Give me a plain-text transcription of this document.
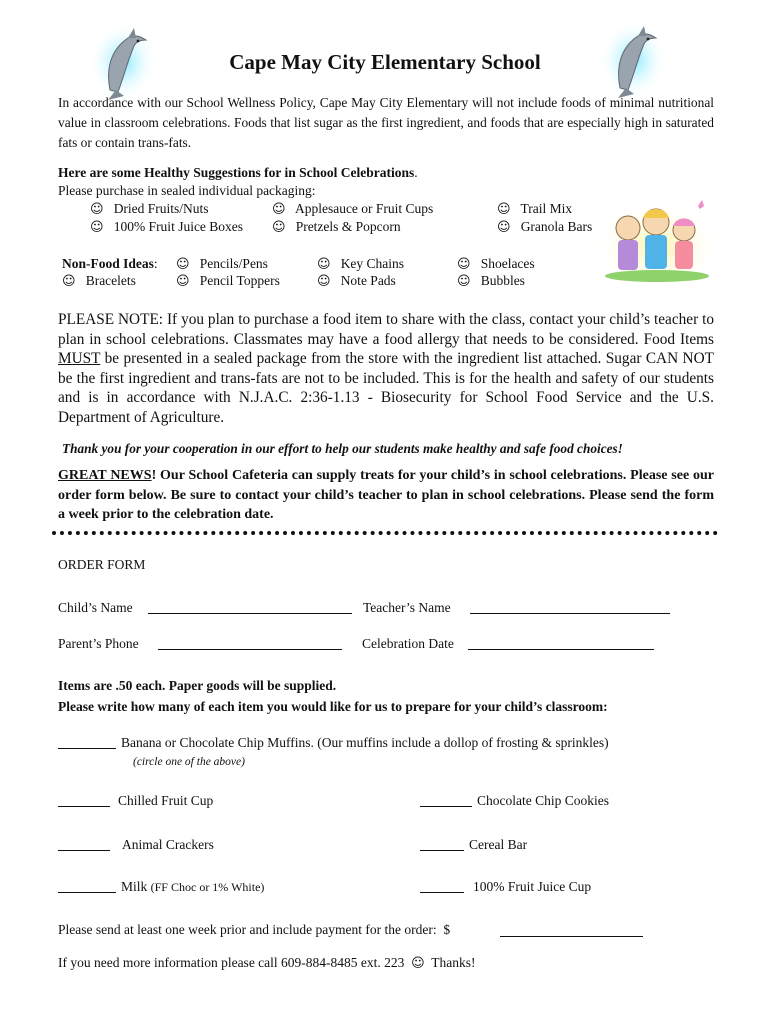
Cape May City Elementary School
In accordance with our School Wellness Policy, Cape May City Elementary will not include foods of minimal nutritional value in classroom celebrations. Foods that list sugar as the first ingredient, and foods that are especially high in saturated fats or contain trans-fats.
Here are some Healthy Suggestions for in School Celebrations.
Please purchase in sealed individual packaging:
☺ Dried Fruits/Nuts	☺ Applesauce or Fruit Cups	☺ Trail Mix
☺ 100% Fruit Juice Boxes ☺ Pretzels & Popcorn	☺ Granola Bars
Non-Food Ideas: ☺ Pencils/Pens	☺ Key Chains	☺ Shoelaces
☺ Bracelets	☺ Pencil Toppers	☺ Note Pads	☺ Bubbles
PLEASE NOTE: If you plan to purchase a food item to share with the class, contact your child’s teacher to plan in school celebrations. Classmates may have a food allergy that needs to be considered. Food Items MUST be presented in a sealed package from the store with the ingredient list attached. Sugar CAN NOT be the first ingredient and trans-fats are not to be included. This is for the health and safety of our students and is in accordance with N.J.A.C. 2:36-1.13 - Biosecurity for School Food Service and the U.S. Department of Agriculture.
Thank you for your cooperation in our effort to help our students make healthy and safe food choices!
GREAT NEWS! Our School Cafeteria can supply treats for your child’s in school celebrations. Please see our order form below. Be sure to contact your child’s teacher to plan in school celebrations. Please send the form a week prior to the celebration date.
ORDER FORM
Child’s Name	Teacher’s Name
Parent’s Phone	Celebration Date
Items are .50 each. Paper goods will be supplied.
Please write how many of each item you would like for us to prepare for your child’s classroom:
Banana or Chocolate Chip Muffins. (Our muffins include a dollop of frosting & sprinkles)
(circle one of the above)
Chilled Fruit Cup	Chocolate Chip Cookies
Animal Crackers	Cereal Bar
Milk (FF Choc or 1% White)	100% Fruit Juice Cup
Please send at least one week prior and include payment for the order: $
If you need more information please call 609-884-8485 ext. 223 ☺ Thanks!
